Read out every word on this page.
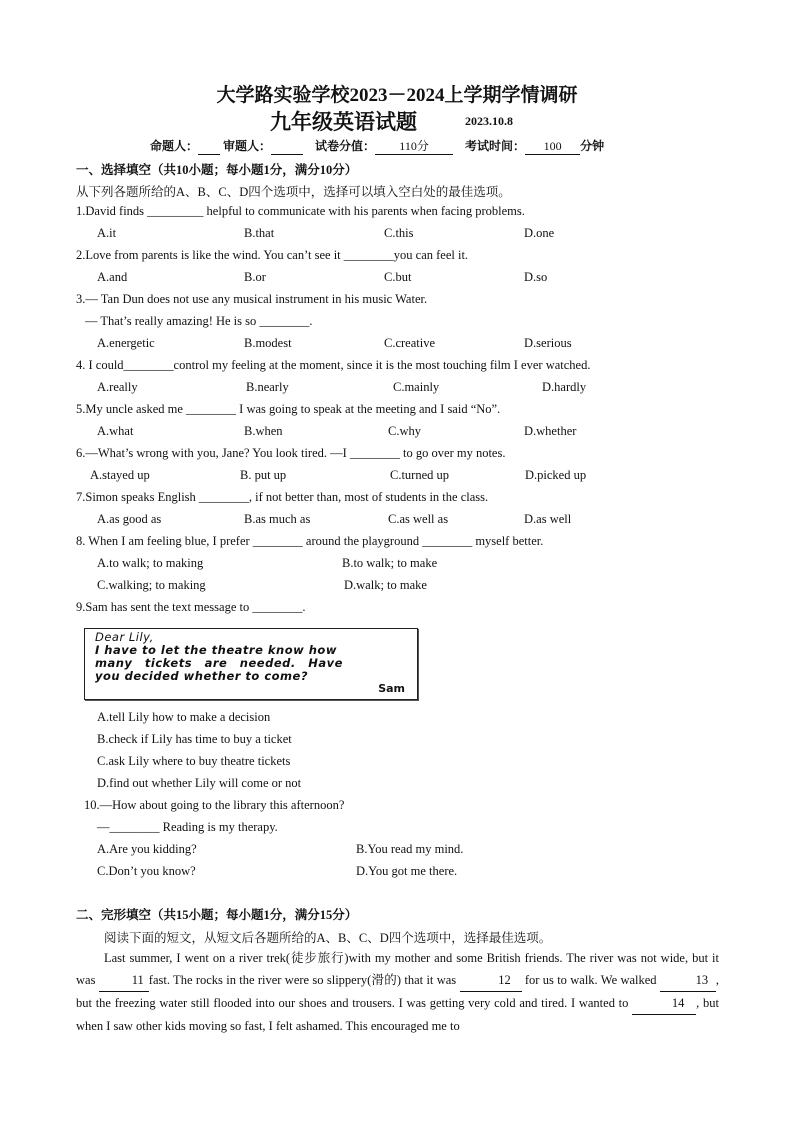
大学路实验学校2023－2024上学期学情调研
九年级英语试题	2023.10.8
命题人： 审题人：	试卷分值： 110分	考试时间： 100 分钟
一、选择填空（共10小题；每小题1分，满分10分）
从下列各题所给的A、B、C、D四个选项中，选择可以填入空白处的最佳选项。
1.David finds _________ helpful to communicate with his parents when facing problems.
A.it	B.that	C.this	D.one
2.Love from parents is like the wind. You can’t see it ________you can feel it.
A.and	B.or	C.but	D.so
3.— Tan Dun does not use any musical instrument in his music Water.
— That’s really amazing! He is so ________.
A.energetic	B.modest	C.creative	D.serious
4. I could________control my feeling at the moment, since it is the most touching film I ever watched.
A.really	B.nearly	C.mainly	D.hardly
5.My uncle asked me ________ I was going to speak at the meeting and I said “No”.
A.what	B.when	C.why	D.whether
6.—What’s wrong with you, Jane? You look tired. —I ________ to go over my notes.
A.stayed up	B. put up	C.turned up	D.picked up
7.Simon speaks English ________, if not better than, most of students in the class.
A.as good as	B.as much as	C.as well as	D.as well
8. When I am feeling blue, I prefer ________ around the playground ________ myself better.
A.to walk; to making	B.to walk; to make
C.walking; to making	D.walk; to make
9.Sam has sent the text message to ________.
Dear Lily,
I have to let the theatre know how
many tickets are needed. Have
you decided whether to come?
Sam
A.tell Lily how to make a decision
B.check if Lily has time to buy a ticket
C.ask Lily where to buy theatre tickets
D.find out whether Lily will come or not
10.—How about going to the library this afternoon?
—________ Reading is my therapy.
A.Are you kidding?	B.You read my mind.
C.Don’t you know?	D.You got me there.
二、完形填空（共15小题；每小题1分，满分15分）
阅读下面的短文，从短文后各题所给的A、B、C、D四个选项中，选择最佳选项。
Last summer, I went on a river trek(徒步旅行)with my mother and some British friends. The river was not wide, but it was	11 fast. The rocks in the river were so slippery(滑的) that it was	12 for us to walk. We walked	13 , but the freezing water still flooded into our shoes and trousers. I was getting very cold and tired. I wanted to	14 , but when I saw other kids moving so fast, I felt ashamed. This encouraged me to
